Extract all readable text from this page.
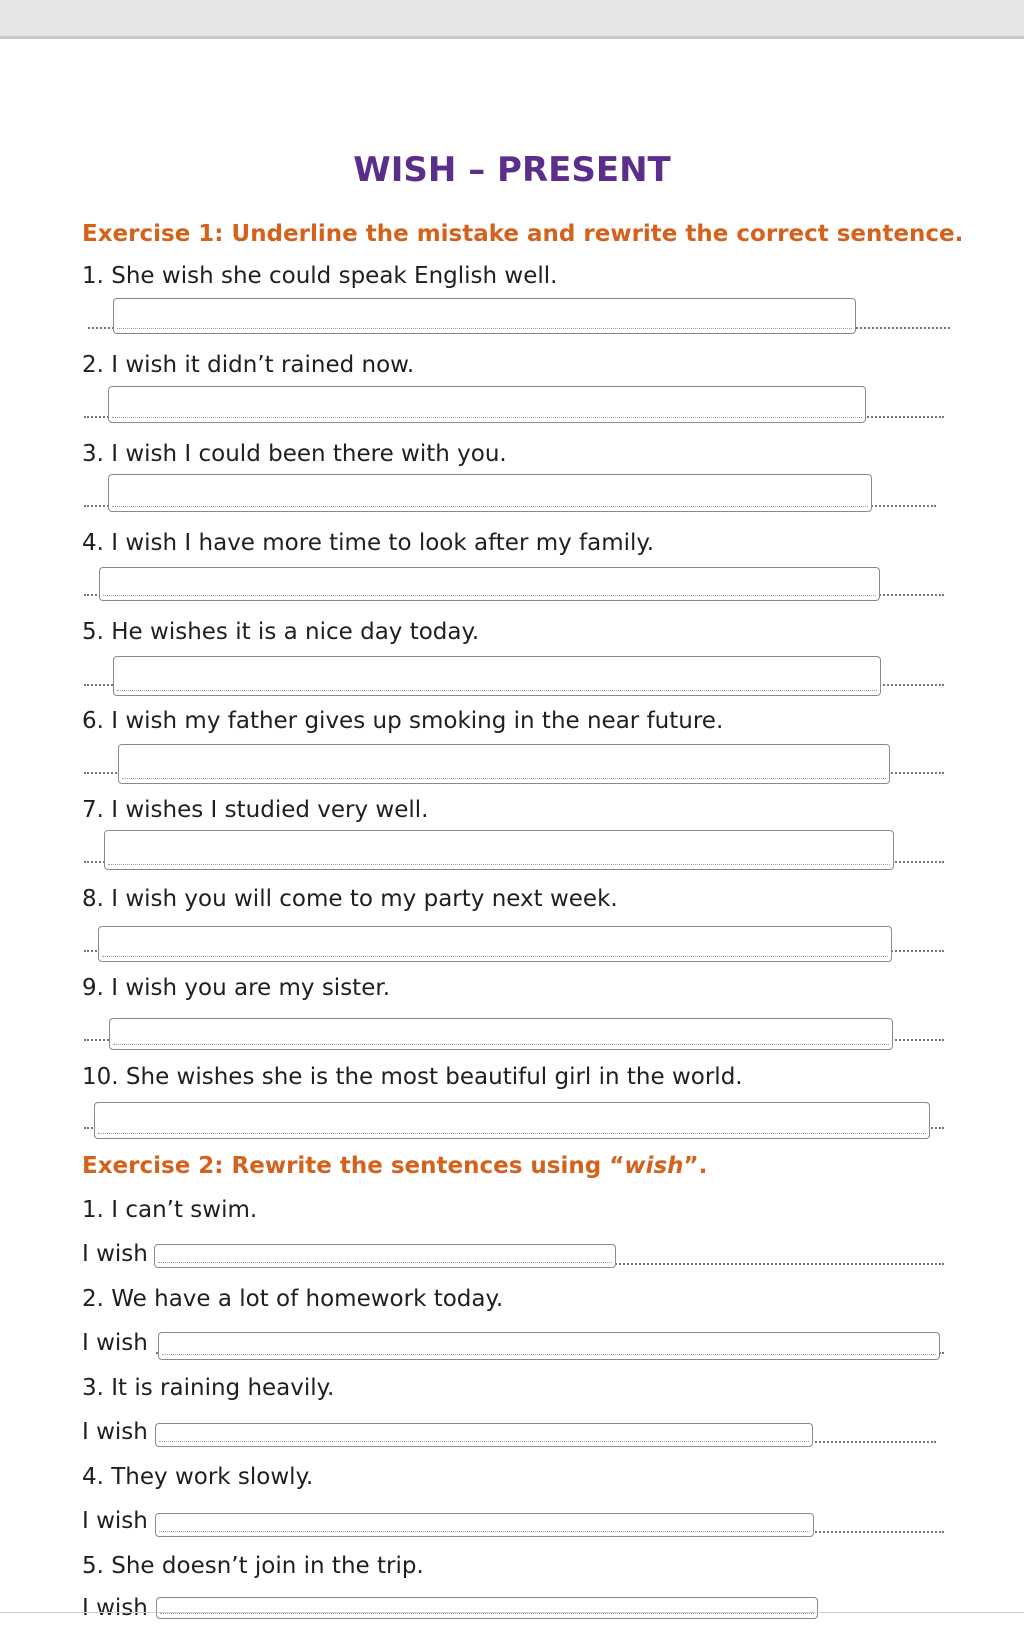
WISH – PRESENT
Exercise 1: Underline the mistake and rewrite the correct sentence.
1. She wish she could speak English well.
2. I wish it didn’t rained now.
3. I wish I could been there with you.
4. I wish I have more time to look after my family.
5. He wishes it is a nice day today.
6. I wish my father gives up smoking in the near future.
7. I wishes I studied very well.
8. I wish you will come to my party next week.
9. I wish you are my sister.
10. She wishes she is the most beautiful girl in the world.
Exercise 2: Rewrite the sentences using “wish”.
1. I can’t swim.
I wish
2. We have a lot of homework today.
I wish
3. It is raining heavily.
I wish
4. They work slowly.
I wish
5. She doesn’t join in the trip.
I wish
